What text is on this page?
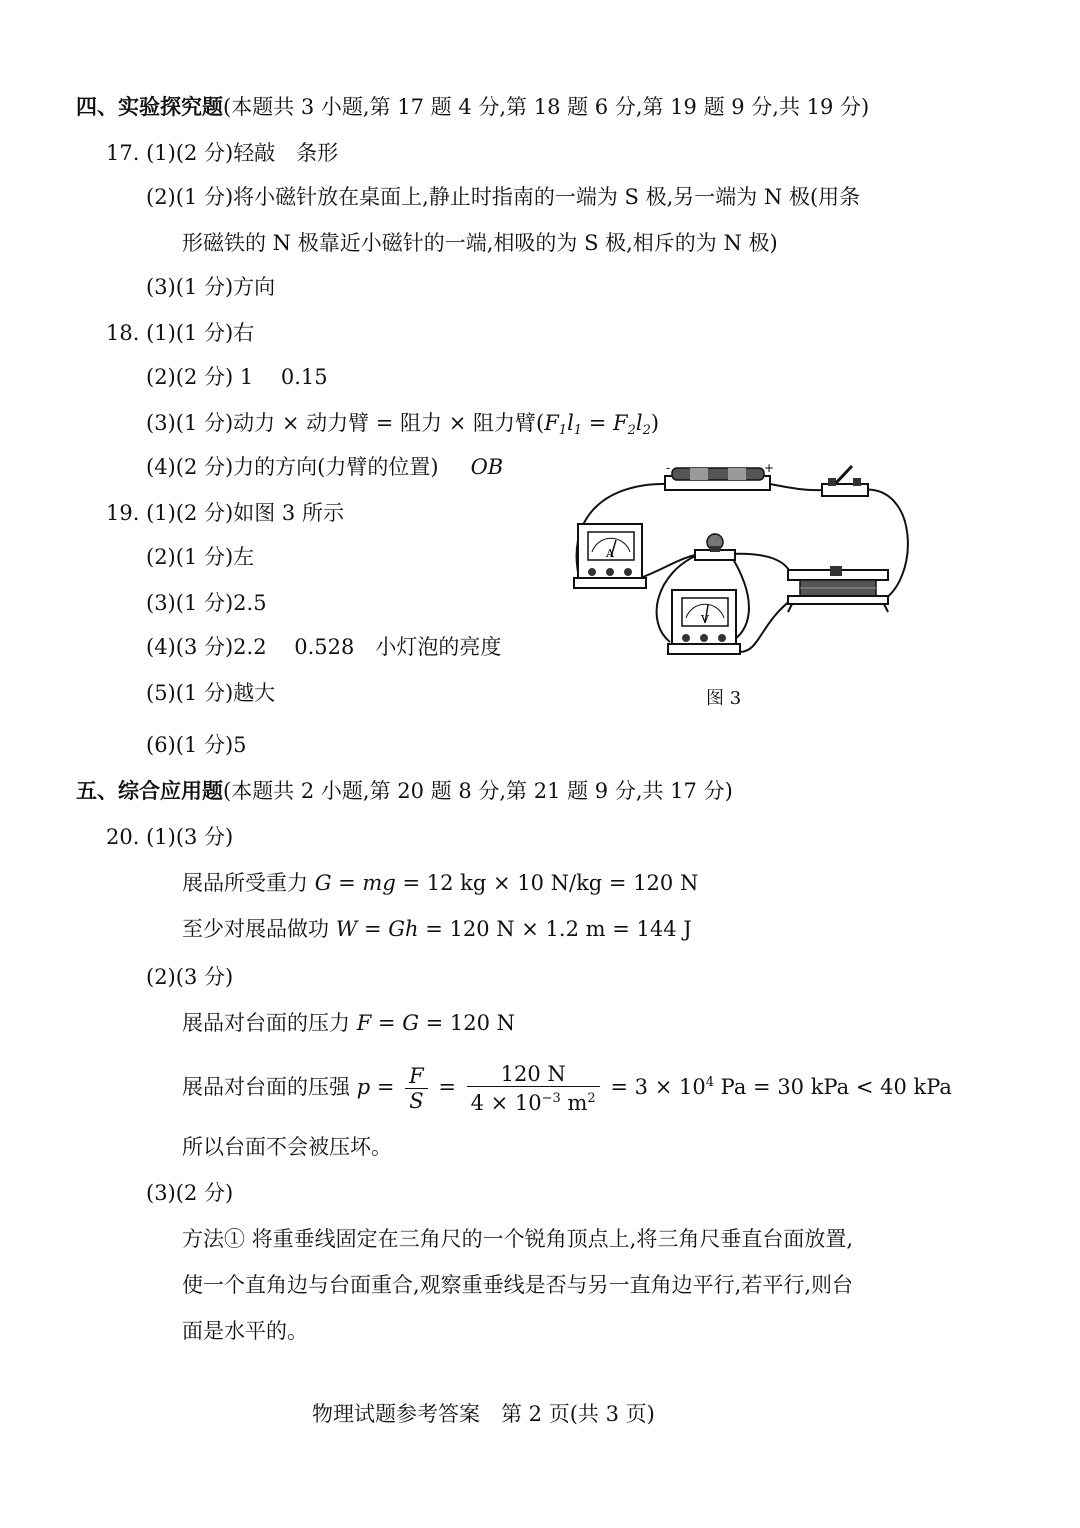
四、实验探究题(本题共 3 小题,第 17 题 4 分,第 18 题 6 分,第 19 题 9 分,共 19 分)
17. (1)(2 分)轻敲　条形
(2)(1 分)将小磁针放在桌面上,静止时指南的一端为 S 极,另一端为 N 极(用条
形磁铁的 N 极靠近小磁针的一端,相吸的为 S 极,相斥的为 N 极)
(3)(1 分)方向
18. (1)(1 分)右
(2)(2 分) 1　 0.15
(3)(1 分)动力 × 动力臂 = 阻力 × 阻力臂$(F_1l_1 = F_2l_2)$
(4)(2 分)力的方向(力臂的位置) OB
19. (1)(2 分)如图 3 所示
(2)(1 分)左
(3)(1 分)2.5
(4)(3 分)2.2　 0.528　小灯泡的亮度
(5)(1 分)越大
(6)(1 分)5
-	+
A
V
图 3
五、综合应用题(本题共 2 小题,第 20 题 8 分,第 21 题 9 分,共 17 分)
20. (1)(3 分)
展品所受重力 G = mg = 12 kg × 10 N/kg = 120 N
至少对展品做功 W = Gh = 120 N × 1.2 m = 144 J
(2)(3 分)
展品对台面的压力 F = G = 120 N
展品对台面的压强 $p = \frac{F}{S} = \frac{120 N}{4 \times 10^{-3} m^2} = 3 \times 10^4$ Pa = 30 kPa < 40 kPa
所以台面不会被压坏。
(3)(2 分)
方法① 将重垂线固定在三角尺的一个锐角顶点上,将三角尺垂直台面放置,
使一个直角边与台面重合,观察重垂线是否与另一直角边平行,若平行,则台
面是水平的。
物理试题参考答案　第 2 页(共 3 页)
